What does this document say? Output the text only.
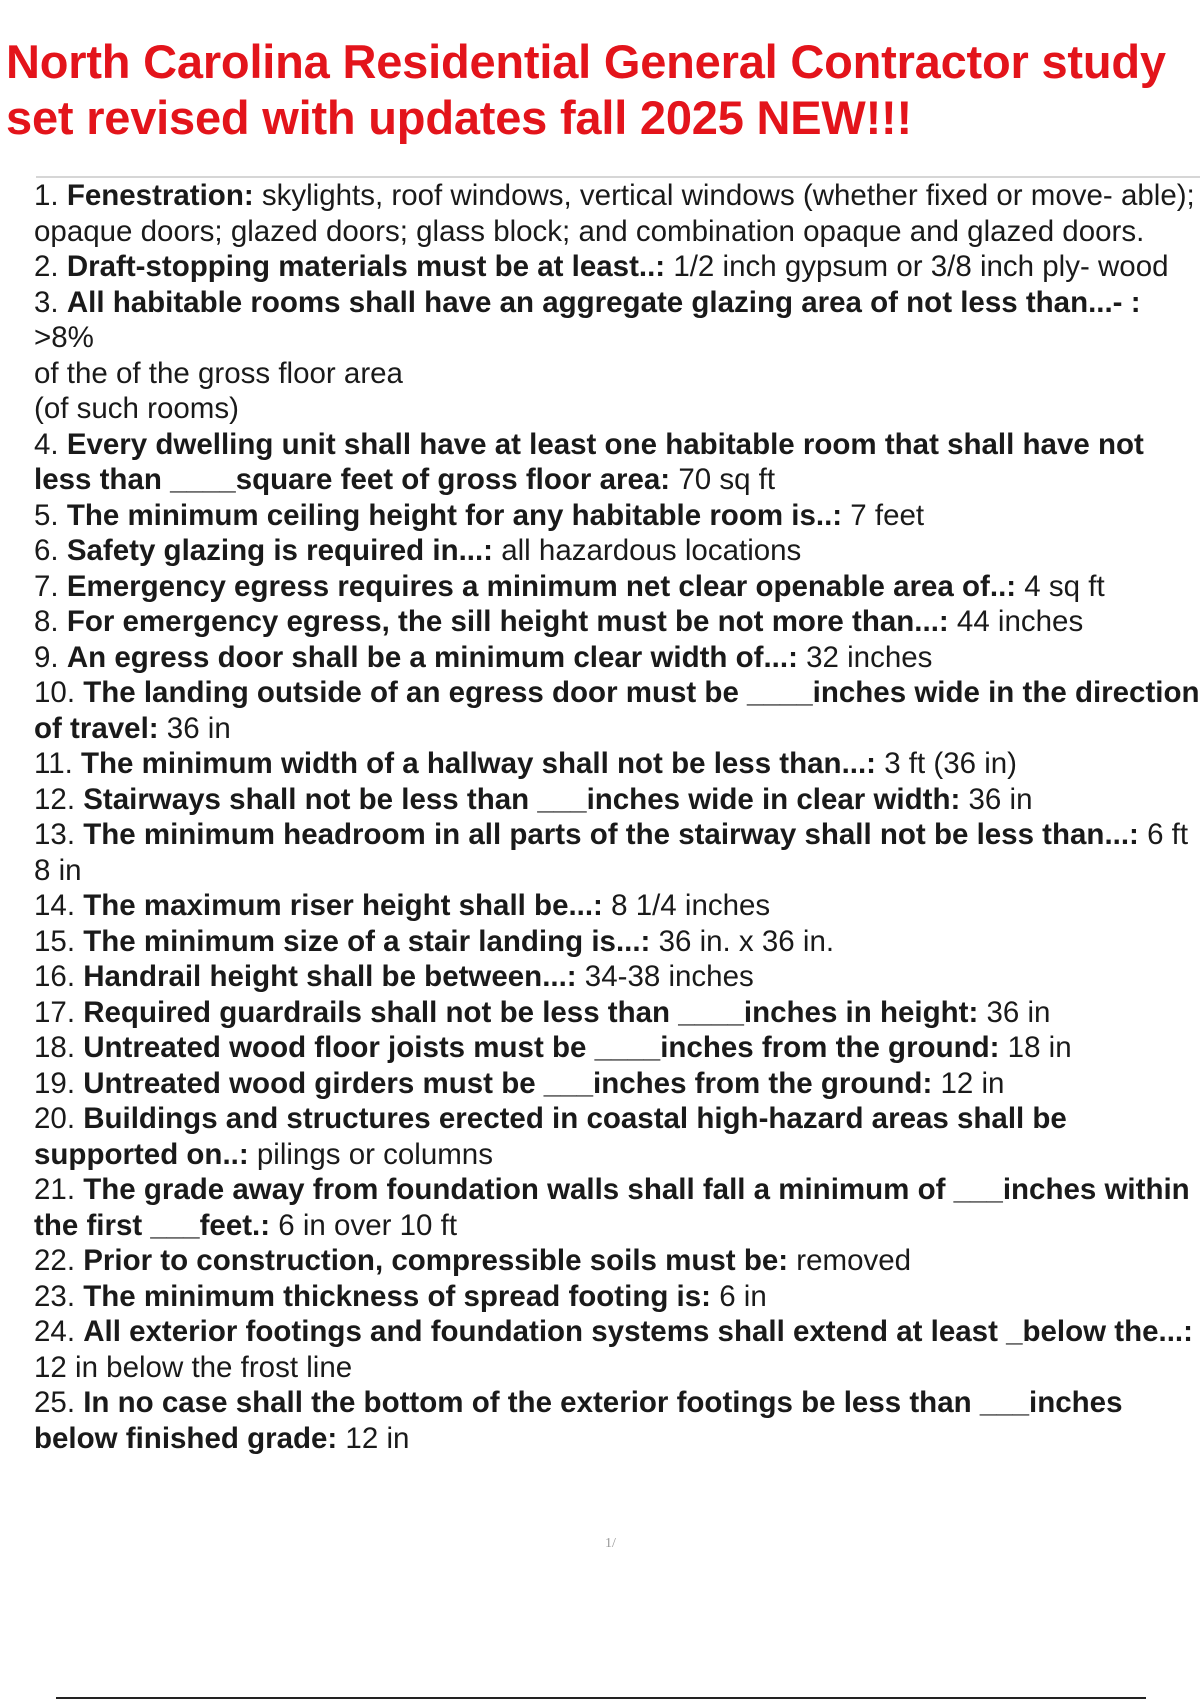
North Carolina Residential General Contractor study
set revised with updates fall 2025 NEW!!!
1. Fenestration: skylights, roof windows, vertical windows (whether fixed or move- able); opaque doors; glazed doors; glass block; and combination opaque and glazed doors.
2. Draft-stopping materials must be at least..: 1/2 inch gypsum or 3/8 inch ply- wood
3. All habitable rooms shall have an aggregate glazing area of not less than...- : >8%
of the of the gross floor area
(of such rooms)
4. Every dwelling unit shall have at least one habitable room that shall have not less than ____square feet of gross floor area: 70 sq ft
5. The minimum ceiling height for any habitable room is..: 7 feet
6. Safety glazing is required in...: all hazardous locations
7. Emergency egress requires a minimum net clear openable area of..: 4 sq ft
8. For emergency egress, the sill height must be not more than...: 44 inches
9. An egress door shall be a minimum clear width of...: 32 inches
10. The landing outside of an egress door must be ____inches wide in the direction of travel: 36 in
11. The minimum width of a hallway shall not be less than...: 3 ft (36 in)
12. Stairways shall not be less than ___inches wide in clear width: 36 in
13. The minimum headroom in all parts of the stairway shall not be less than...: 6 ft 8 in
14. The maximum riser height shall be...: 8 1/4 inches
15. The minimum size of a stair landing is...: 36 in. x 36 in.
16. Handrail height shall be between...: 34-38 inches
17. Required guardrails shall not be less than ____inches in height: 36 in
18. Untreated wood floor joists must be ____inches from the ground: 18 in
19. Untreated wood girders must be ___inches from the ground: 12 in
20. Buildings and structures erected in coastal high-hazard areas shall be supported on..: pilings or columns
21. The grade away from foundation walls shall fall a minimum of ___inches within the first ___feet.: 6 in over 10 ft
22. Prior to construction, compressible soils must be: removed
23. The minimum thickness of spread footing is: 6 in
24. All exterior footings and foundation systems shall extend at least _below the...: 12 in below the frost line
25. In no case shall the bottom of the exterior footings be less than ___inches below finished grade: 12 in
1/
